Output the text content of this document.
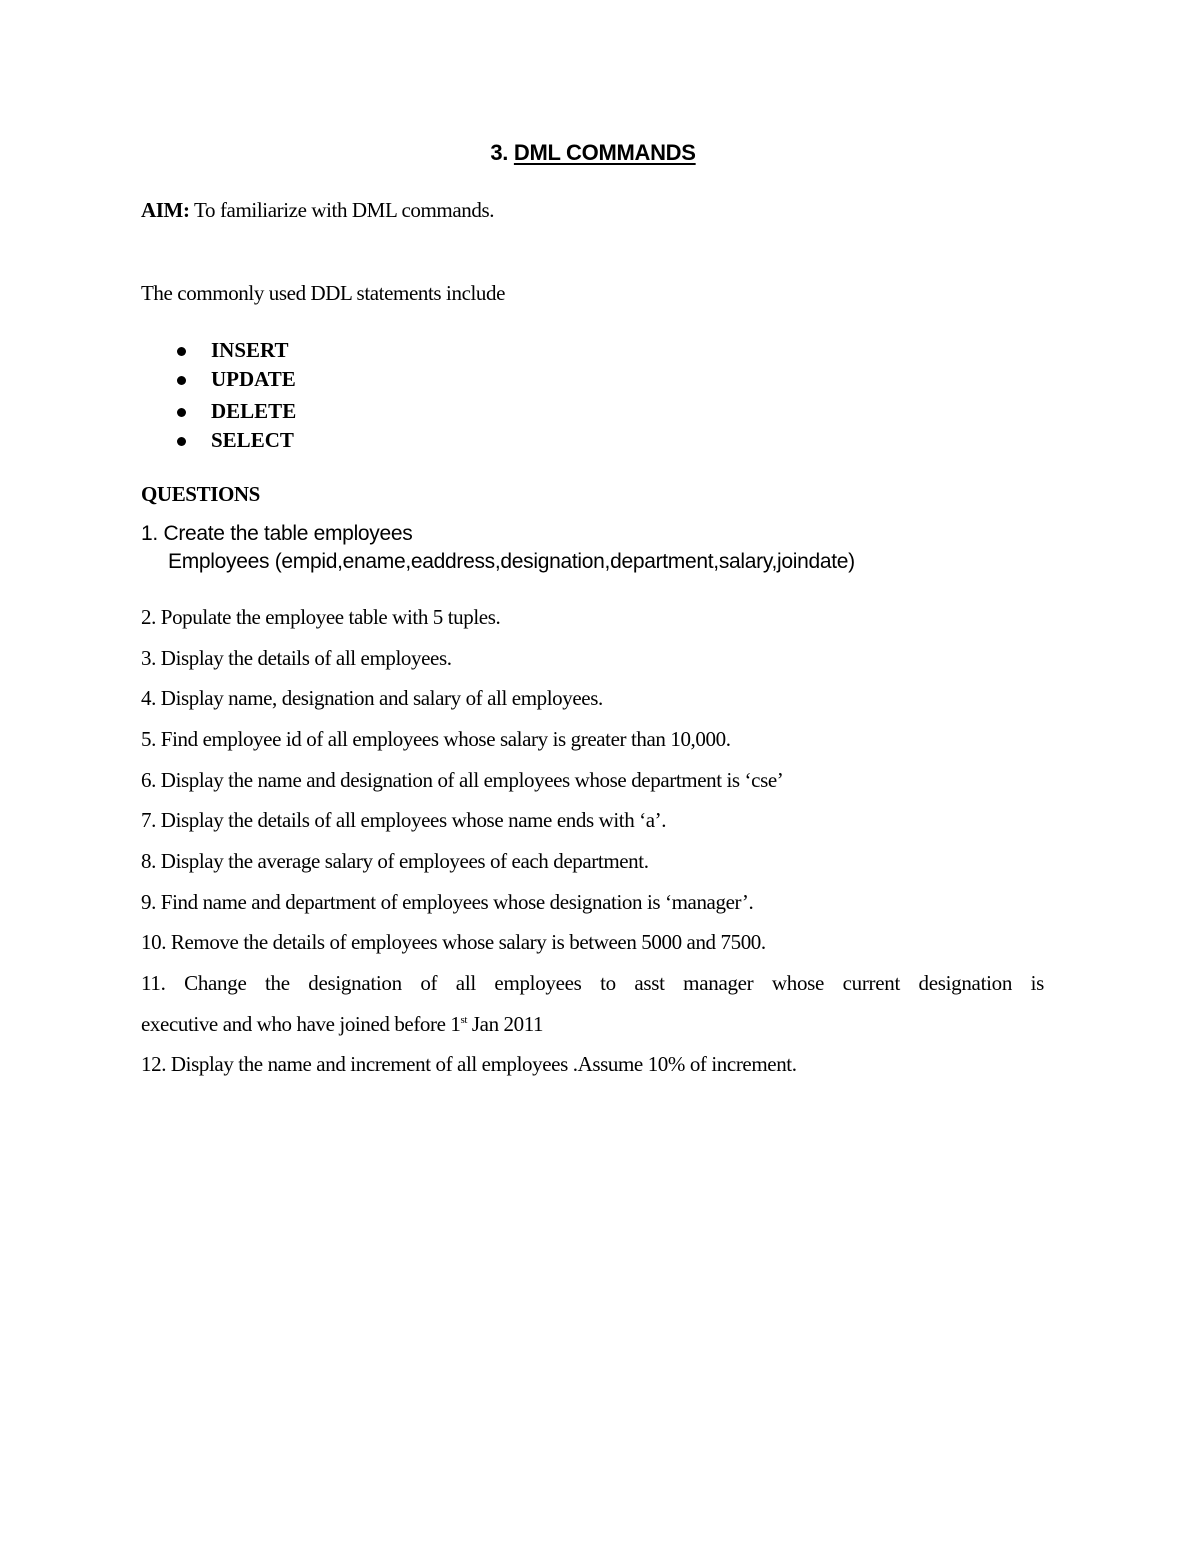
3. DML COMMANDS
AIM: To familiarize with DML commands.
The commonly used DDL statements include
INSERT
UPDATE
DELETE
SELECT
QUESTIONS
1. Create the table employees
Employees (empid,ename,eaddress,designation,department,salary,joindate)
2. Populate the employee table with 5 tuples.
3. Display the details of all employees.
4. Display name, designation and salary of all employees.
5. Find employee id of all employees whose salary is greater than 10,000.
6. Display the name and designation of all employees whose department is ‘cse’
7. Display the details of all employees whose name ends with ‘a’.
8. Display the average salary of employees of each department.
9. Find name and department of employees whose designation is ‘manager’.
10. Remove the details of employees whose salary is between 5000 and 7500.
11. Change the designation of all employees to asst manager whose current designation is
executive and who have joined before 1st Jan 2011
12. Display the name and increment of all employees .Assume 10% of increment.
